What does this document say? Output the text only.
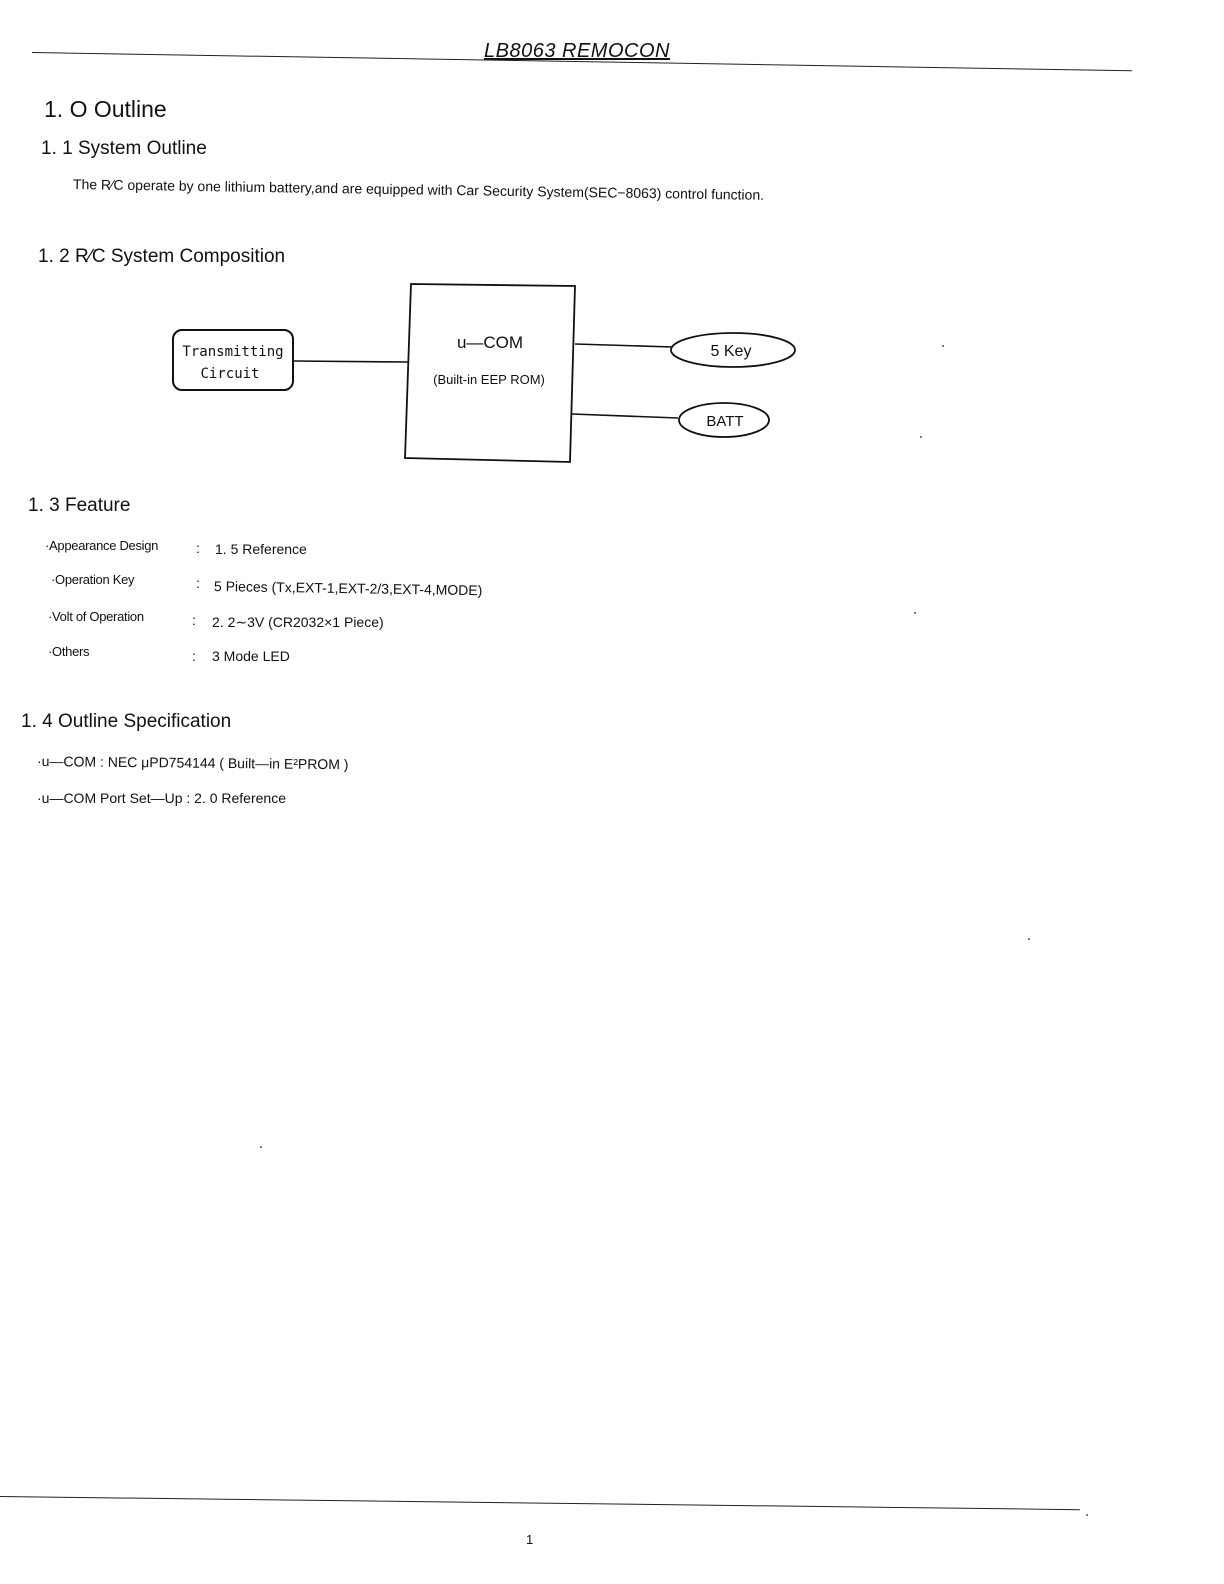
LB8063 REMOCON
1. O Outline
1. 1 System Outline
The R∕C operate by one lithium battery,and are equipped with Car Security System(SEC−8063) control function.
1. 2 R∕C System Composition
Transmitting
Circuit
u—COM
(Built-in EEP ROM)
5 Key
BATT
1. 3 Feature
·Appearance Design	: 1. 5 Reference
·Operation Key	: 5 Pieces (Tx,EXT-1,EXT-2/3,EXT-4,MODE)
·Volt of Operation	: 2. 2∼3V (CR2032×1 Piece)
·Others	: 3 Mode LED
1. 4 Outline Specification
·u—COM : NEC μPD754144 ( Built—in E²PROM )
·u—COM Port Set—Up : 2. 0 Reference
1
